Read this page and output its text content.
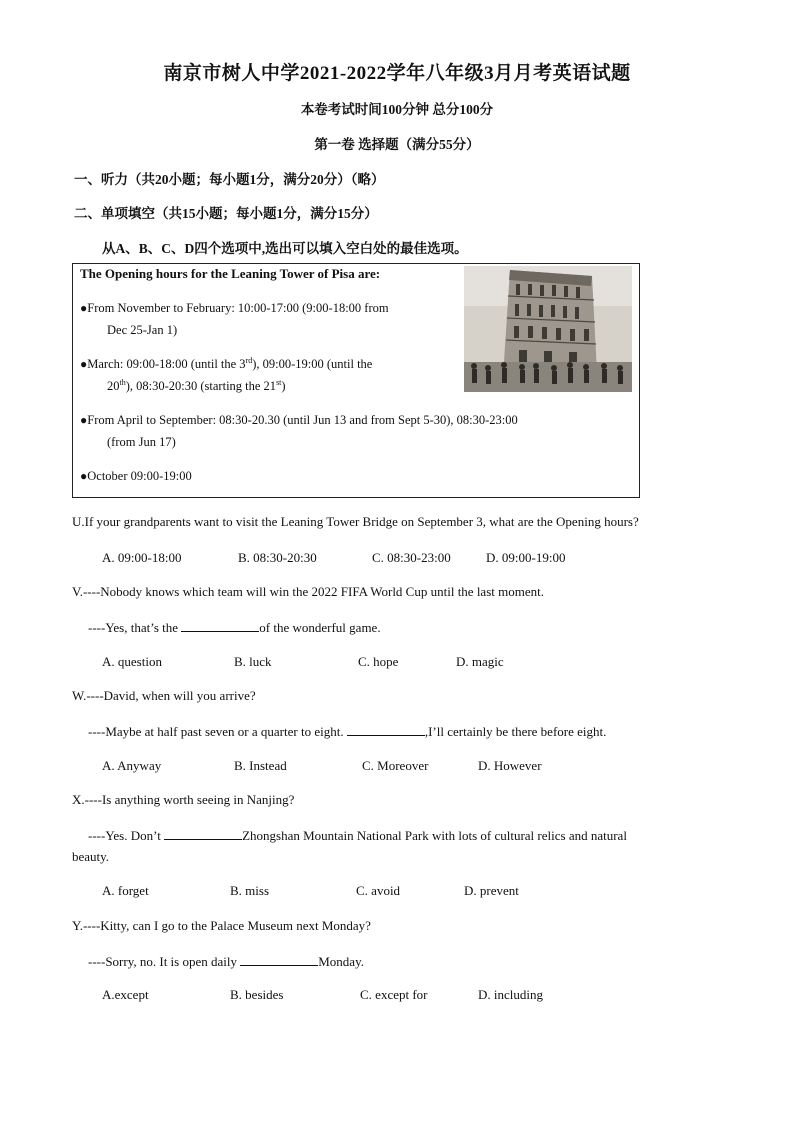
南京市树人中学2021-2022学年八年级3月月考英语试题
本卷考试时间100分钟 总分100分
第一卷 选择题（满分55分）
一、听力（共20小题；每小题1分，满分20分）（略）
二、单项填空（共15小题；每小题1分，满分15分）
从A、B、C、D四个选项中,选出可以填入空白处的最佳选项。
The Opening hours for the Leaning Tower of Pisa are:
●From November to February: 10:00-17:00 (9:00-18:00 from
Dec 25-Jan 1)
●March: 09:00-18:00 (until the 3rd), 09:00-19:00 (until the
20th), 08:30-20:30 (starting the 21st)
●From April to September: 08:30-20.30 (until Jun 13 and from Sept 5-30), 08:30-23:00
(from Jun 17)
●October 09:00-19:00
U.If your grandparents want to visit the Leaning Tower Bridge on September 3, what are the Opening hours?
A. 09:00-18:00	B. 08:30-20:30	C. 08:30-23:00	D. 09:00-19:00
V.----Nobody knows which team will win the 2022 FIFA World Cup until the last moment.
----Yes, that’s the	of the wonderful game.
A. question	B. luck	C. hope	D. magic
W.----David, when will you arrive?
----Maybe at half past seven or a quarter to eight.	,I’ll certainly be there before eight.
A. Anyway	B. Instead	C. Moreover	D. However
X.----Is anything worth seeing in Nanjing?
----Yes. Don’t	Zhongshan Mountain National Park with lots of cultural relics and natural
beauty.
A. forget	B. miss	C. avoid	D. prevent
Y.----Kitty, can I go to the Palace Museum next Monday?
----Sorry, no. It is open daily	Monday.
A.except	B. besides	C. except for	D. including
